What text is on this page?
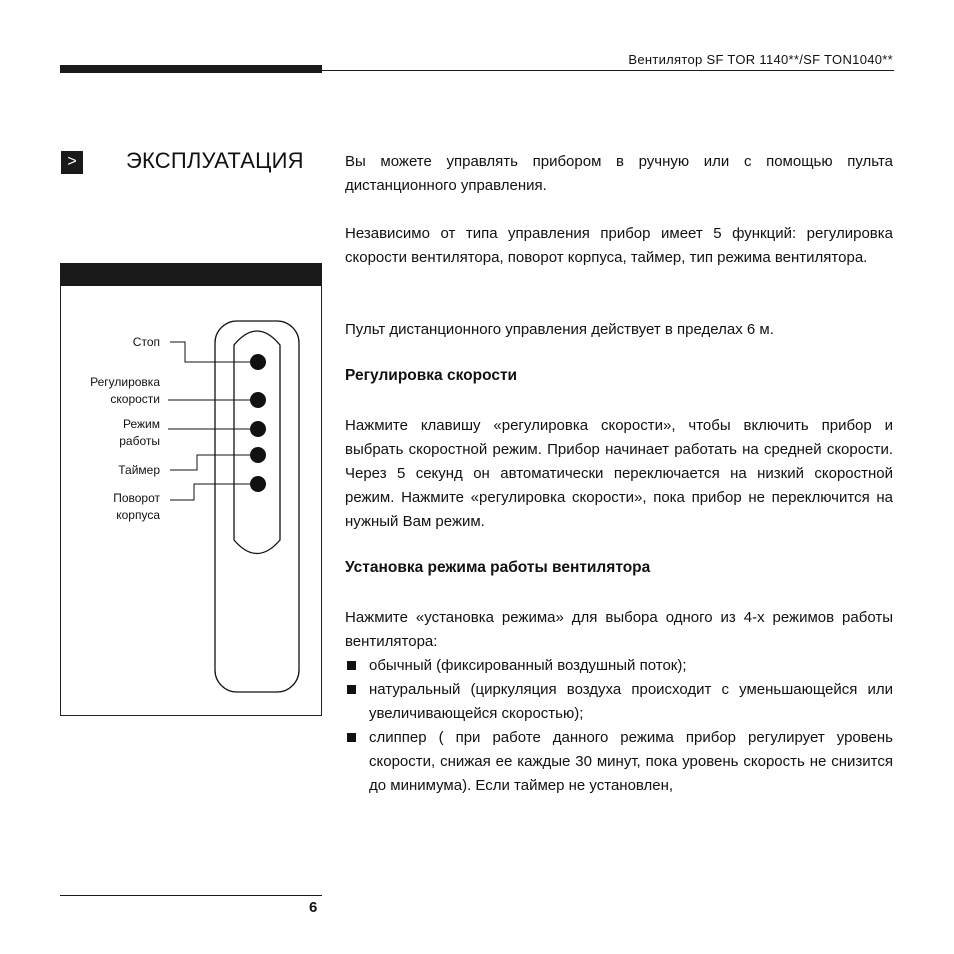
Вентилятор SF TOR 1140**/SF TON1040**
> ЭКСПЛУАТАЦИЯ	Вы можете управлять прибором в ручную или с помощью пульта дистанционного управления.
Независимо от типа управления прибор имеет 5 функций: регулировка скорости вентилятора, поворот корпуса, таймер, тип режима вентилятора.
Пульт дистанционного управления действует в пределах 6 м.
Регулировка скорости
Нажмите клавишу «регулировка скорости», чтобы включить прибор и выбрать скоростной режим. Прибор начинает работать на средней скорости. Через 5 секунд он автоматически переключается на низкий скоростной режим. Нажмите «регулировка скорости», пока прибор не переключится на нужный Вам режим.
Установка режима работы вентилятора
Нажмите «установка режима» для выбора одного из 4-х режимов работы вентилятора:
обычный (фиксированный воздушный поток);
натуральный (циркуляция воздуха происходит с уменьшающейся или увеличивающейся скоростью);
слиппер ( при работе данного режима прибор регулирует уровень скорости, снижая ее каждые 30 минут, пока уровень скорость не снизится до минимума). Если таймер не установлен,
Стоп
Регулировка
скорости
Режим
работы
Таймер
Поворот
корпуса
6
